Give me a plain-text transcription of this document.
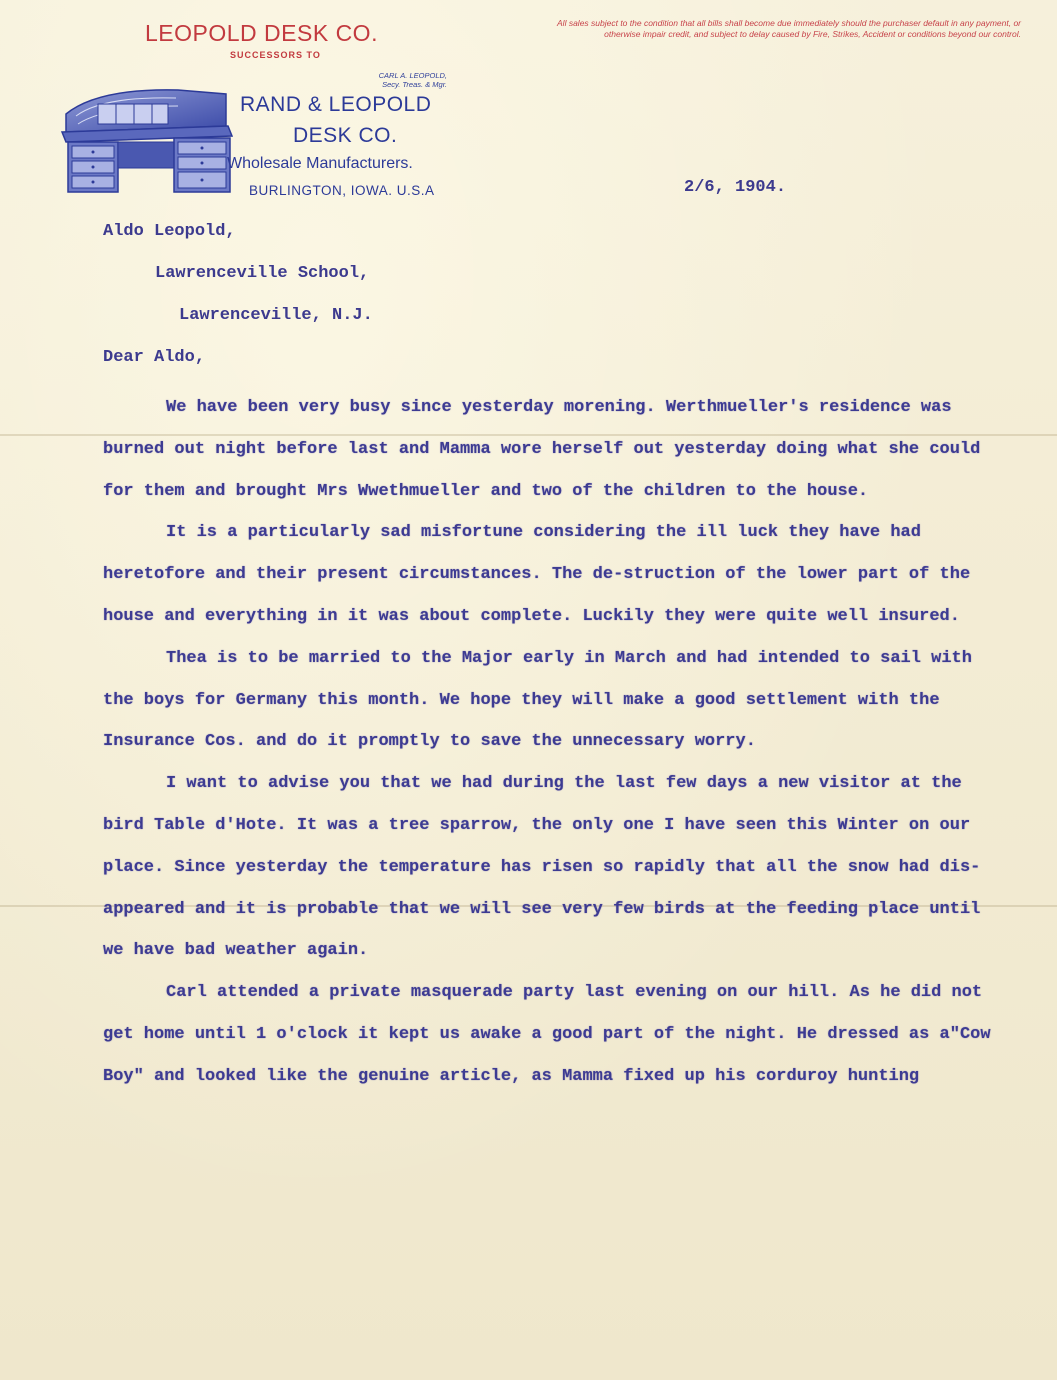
LEOPOLD DESK CO.
SUCCESSORS TO
All sales subject to the condition that all bills shall become due immediately should the purchaser default in any payment, or otherwise impair credit, and subject to delay caused by Fire, Strikes, Accident or conditions beyond our control.
CARL A. LEOPOLD,
Secy. Treas. & Mgr.
RAND & LEOPOLD
DESK CO.
Wholesale Manufacturers.
BURLINGTON, IOWA. U.S.A	2/6, 1904.
Aldo Leopold,
Lawrenceville School,
Lawrenceville, N.J.
Dear Aldo,

We have been very busy since yesterday morening. Werthmueller's residence was burned out night before last and Mamma wore herself out yesterday doing what she could for them and brought Mrs Wwethmueller and two of the children to the house.

It is a particularly sad misfortune considering the ill luck they have had heretofore and their present circumstances. The de-struction of the lower part of the house and everything in it was about complete. Luckily they were quite well insured.

Thea is to be married to the Major early in March and had intended to sail with the boys for Germany this month. We hope they will make a good settlement with the Insurance Cos. and do it promptly to save the unnecessary worry.

I want to advise you that we had during the last few days a new visitor at the bird Table d'Hote. It was a tree sparrow, the only one I have seen this Winter on our place. Since yesterday the temperature has risen so rapidly that all the snow had dis-appeared and it is probable that we will see very few birds at the feeding place until we have bad weather again.

Carl attended a private masquerade party last evening on our hill. As he did not get home until 1 o'clock it kept us awake a good part of the night. He dressed as a"Cow Boy" and looked like the genuine article, as Mamma fixed up his corduroy hunting
